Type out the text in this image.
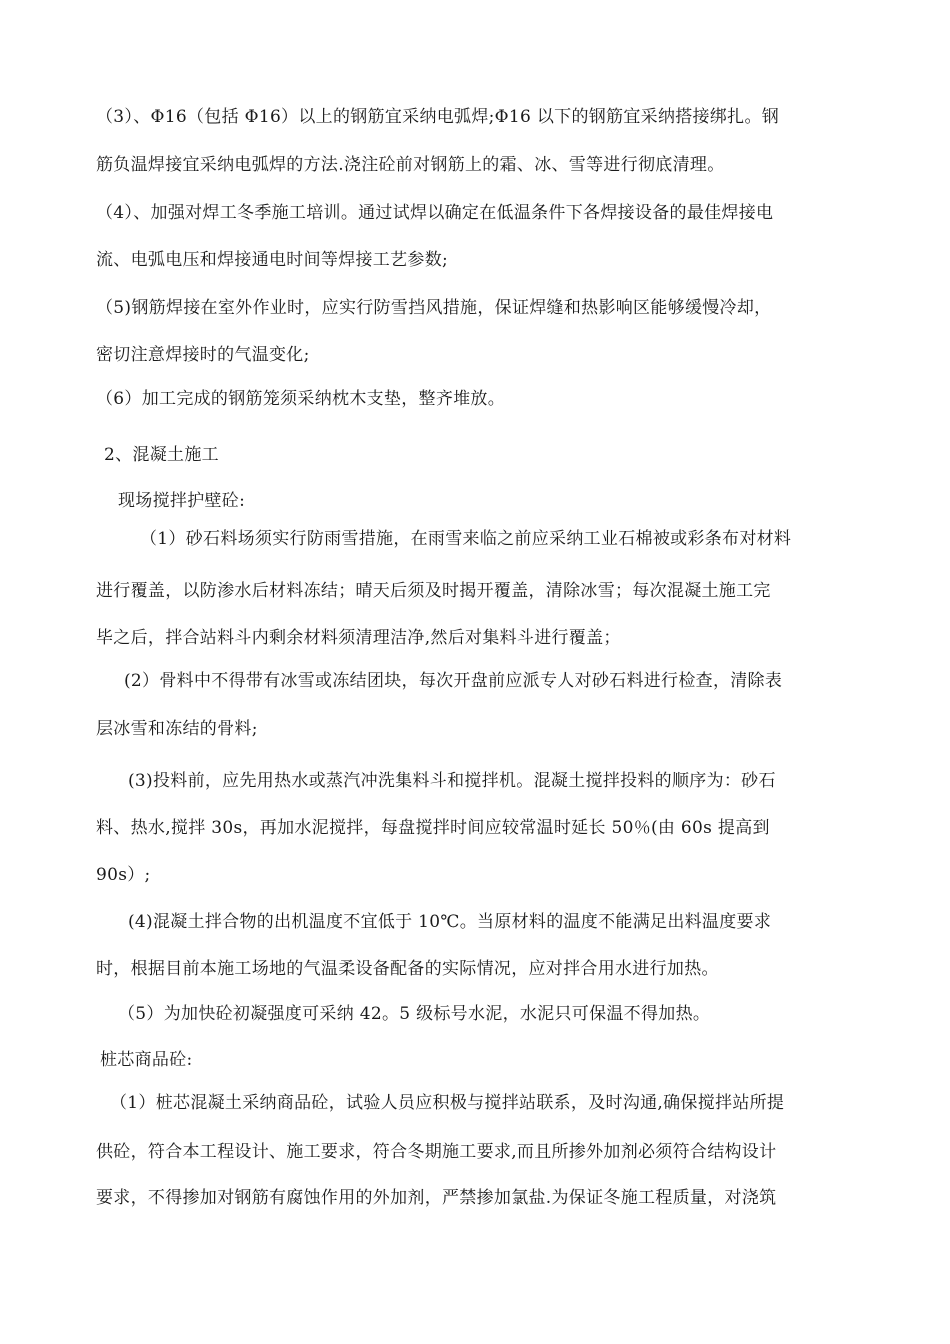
（3）、Φ16（包括 Φ16）以上的钢筋宜采纳电弧焊;Φ16 以下的钢筋宜采纳搭接绑扎。钢
筋负温焊接宜采纳电弧焊的方法.浇注砼前对钢筋上的霜、冰、雪等进行彻底清理。
（4）、加强对焊工冬季施工培训。通过试焊以确定在低温条件下各焊接设备的最佳焊接电
流、电弧电压和焊接通电时间等焊接工艺参数;
（5)钢筋焊接在室外作业时，应实行防雪挡风措施，保证焊缝和热影响区能够缓慢冷却，
密切注意焊接时的气温变化;
（6）加工完成的钢筋笼须采纳枕木支垫，整齐堆放。
2、混凝土施工
现场搅拌护壁砼:
（1）砂石料场须实行防雨雪措施，在雨雪来临之前应采纳工业石棉被或彩条布对材料
进行覆盖，以防渗水后材料冻结；晴天后须及时揭开覆盖，清除冰雪；每次混凝土施工完
毕之后，拌合站料斗内剩余材料须清理洁净,然后对集料斗进行覆盖；
(2）骨料中不得带有冰雪或冻结团块，每次开盘前应派专人对砂石料进行检查，清除表
层冰雪和冻结的骨料;
(3)投料前，应先用热水或蒸汽冲洗集料斗和搅拌机。混凝土搅拌投料的顺序为：砂石
料、热水,搅拌 30s，再加水泥搅拌，每盘搅拌时间应较常温时延长 50％(由 60s 提高到
90s）;
(4)混凝土拌合物的出机温度不宜低于 10℃。当原材料的温度不能满足出料温度要求
时，根据目前本施工场地的气温柔设备配备的实际情况，应对拌合用水进行加热。
（5）为加快砼初凝强度可采纳 42。5 级标号水泥，水泥只可保温不得加热。
桩芯商品砼:
（1）桩芯混凝土采纳商品砼，试验人员应积极与搅拌站联系，及时沟通,确保搅拌站所提
供砼，符合本工程设计、施工要求，符合冬期施工要求,而且所掺外加剂必须符合结构设计
要求，不得掺加对钢筋有腐蚀作用的外加剂，严禁掺加氯盐.为保证冬施工程质量，对浇筑
